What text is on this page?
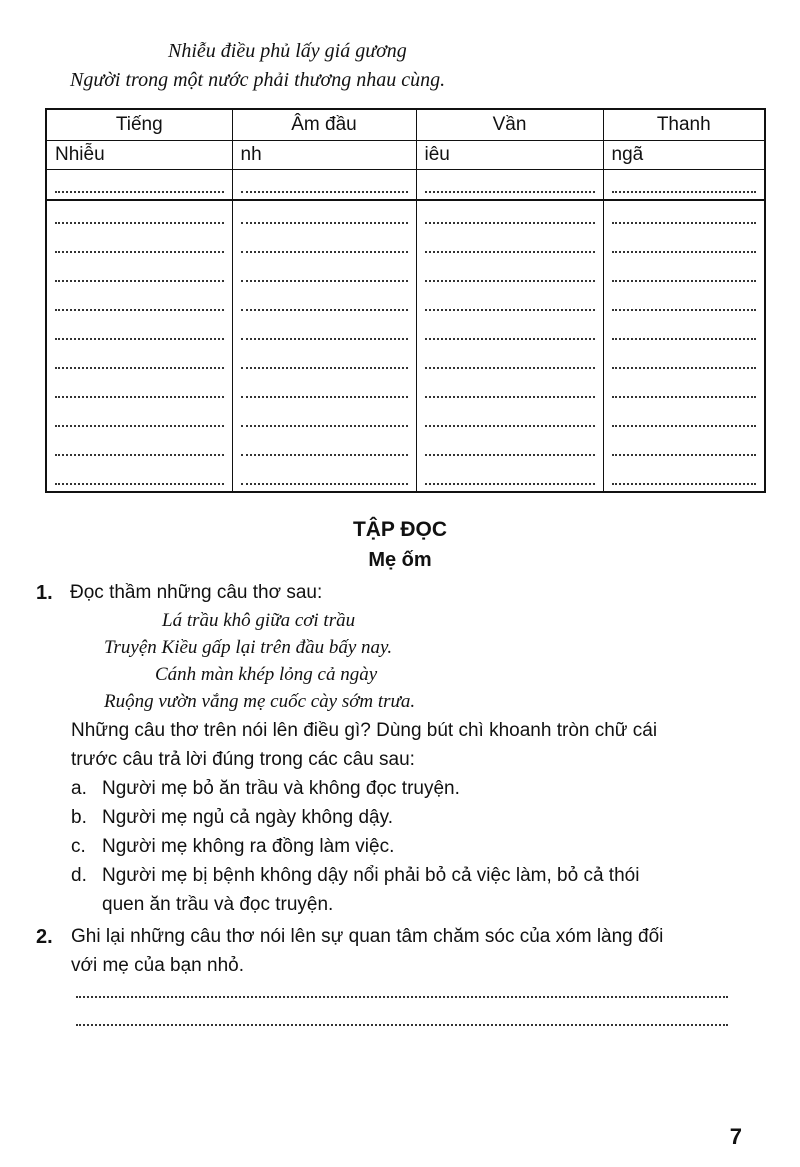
Nhiễu điều phủ lấy giá gương
Người trong một nước phải thương nhau cùng.
Tiếng	Âm đầu	Vần	Thanh
Nhiễu	nh	iêu	ngã

TẬP ĐỌC
Mẹ ốm
1. Đọc thầm những câu thơ sau:
Lá trầu khô giữa cơi trầu
Truyện Kiều gấp lại trên đầu bấy nay.
Cánh màn khép lỏng cả ngày
Ruộng vườn vắng mẹ cuốc cày sớm trưa.
Những câu thơ trên nói lên điều gì? Dùng bút chì khoanh tròn chữ cái
trước câu trả lời đúng trong các câu sau:
a. Người mẹ bỏ ăn trầu và không đọc truyện.
b. Người mẹ ngủ cả ngày không dậy.
c. Người mẹ không ra đồng làm việc.
d. Người mẹ bị bệnh không dậy nổi phải bỏ cả việc làm, bỏ cả thói
quen ăn trầu và đọc truyện.
2. Ghi lại những câu thơ nói lên sự quan tâm chăm sóc của xóm làng đối
với mẹ của bạn nhỏ.
7
